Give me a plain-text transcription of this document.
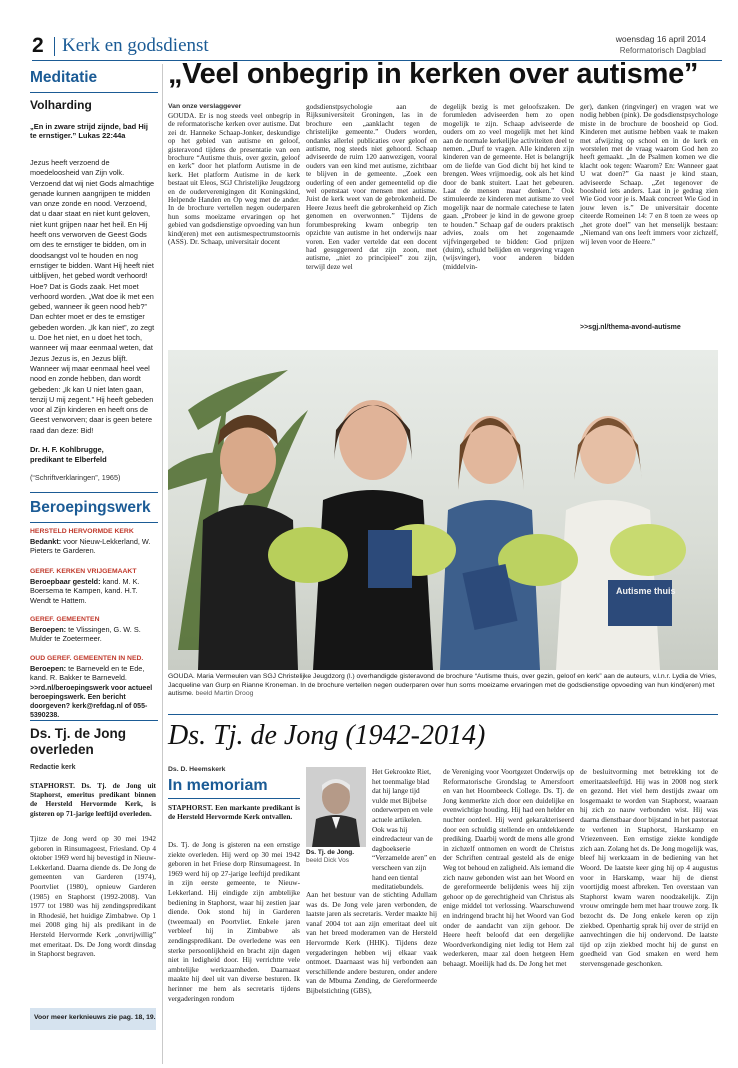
2 Kerk en godsdienst	woensdag 16 april 2014
Reformatorisch Dagblad
Meditatie
Volharding
„En in zware strijd zijnde, bad Hij te ernstiger.” Lukas 22:44a
Jezus heeft verzoend de moedeloosheid van Zijn volk. Verzoend dat wij niet Gods almachtige genade kunnen aangrijpen te midden van onze zonde en nood. Verzoend, dat u daar staat en niet kunt geloven, niet kunt grijpen naar het heil. En Hij heeft ons verworven de Geest Gods om des te ernstiger te bidden, om in doodsangst vol te houden en nog ernstiger te bidden. Want Hij heeft niet uitblijven, het gebed wordt verhoord! Hoe? Dat is Gods zaak. Het moet verhoord worden. „Wat doe ik met een gebed, wanneer ik geen nood heb?” Dan echter moet er des te ernstiger gebeden worden. „Ik kan niet”, zo zegt u. Doe het niet, en u doet het toch, wanneer wij maar eenmaal weten, dat Jezus Jezus is, en Jezus blijft. Wanneer wij maar eenmaal heel veel nood en zonde hebben, dan wordt gebeden: „Ik kan U niet laten gaan, tenzij U mij zegent.” Hij heeft gebeden voor al Zijn kinderen en heeft ons de Geest verworven; daar is geen betere raad dan deze: Bid!
Dr. H. F. Kohlbrugge,
predikant te Elberfeld
(“Schriftverklaringen”, 1965)
Beroepingswerk
HERSTELD HERVORMDE KERK
Bedankt: voor Nieuw-Lekkerland, W. Pieters te Garderen.
GEREF. KERKEN VRIJGEMAAKT
Beroepbaar gesteld: kand. M. K. Boersema te Kampen, kand. H.T. Wendt te Hattem.
GEREF. GEMEENTEN
Beroepen: te Vlissingen, G. W. S. Mulder te Zoetermeer.
OUD GEREF. GEMEENTEN IN NED.
Beroepen: te Barneveld en te Ede, kand. R. Bakker te Barneveld.
>>rd.nl/beroepingswerk voor actueel beroepingswerk. Een bericht doorgeven? kerk@refdag.nl of 055-5390238.
Ds. Tj. de Jong overleden
Redactie kerk
STAPHORST. Ds. Tj. de Jong uit Staphorst, emeritus predikant binnen de Hersteld Hervormde Kerk, is gisteren op 71-jarige leeftijd overleden.
Tjitze de Jong werd op 30 mei 1942 geboren in Rinsumageest, Friesland. Op 4 oktober 1969 werd hij bevestigd in Nieuw-Lekkerland. Daarna diende ds. De Jong de gemeenten van Garderen (1974), Poortvliet (1980), opnieuw Garderen (1985) en Staphorst (1992-2008). Van 1977 tot 1980 was hij zendingspredikant in Rhodesië, het huidige Zimbabwe. Op 1 mei 2008 ging hij als predikant in de Hersteld Hervormde Kerk „onvrijwillig” met emeritaat. Ds. De Jong wordt dinsdag in Staphorst begraven.
Voor meer kerknieuws zie pag. 18, 19.
„Veel onbegrip in kerken over autisme”
Van onze verslaggever
GOUDA. Er is nog steeds veel onbegrip in de reformatorische kerken over autisme. Dat zei dr. Hanneke Schaap-Jonker, deskundige op het gebied van autisme en geloof, gisteravond tijdens de presentatie van een brochure “Autisme thuis, over gezin, geloof en kerk” door het platform Autisme in de kerk. Het platform Autisme in de kerk bestaat uit Eleos, SGJ Christelijke Jeugdzorg en de ouderverenigingen dit Koningskind, Helpende Handen en Op weg met de ander. In de brochure vertellen negen ouderparen hun soms moeizame ervaringen op het gebied van godsdienstige opvoeding van hun kind(eren) met een autismespectrumstoornis (ASS). Dr. Schaap, universitair docent
godsdienstpsychologie aan de Rijksuniversiteit Groningen, las in de brochure een „aanklacht tegen de christelijke gemeente.” Ouders worden, ondanks allerlei publicaties over geloof en autisme, nog steeds niet gehoord. Schaap adviseerde de ruim 120 aanwezigen, vooral ouders van een kind met autisme, zichtbaar te blijven in de gemeente. „Zoek een ouderling of een ander gemeentelid op die wel openstaat voor mensen met autisme. Juist de kerk weet van de gebrokenheid. De Heere Jezus heeft die gebrokenheid op Zich genomen en overwonnen.” Tijdens de forumbespreking kwam onbegrip ten opzichte van autisme in het onderwijs naar voren. Een vader vertelde dat een docent had gesuggereerd dat zijn zoon, met autisme, „niet zo principieel” zou zijn, terwijl deze wel
degelijk bezig is met geloofszaken. De forumleden adviseerden hem zo open mogelijk te zijn. Schaap adviseerde de ouders om zo veel mogelijk met het kind aan de normale kerkelijke activiteiten deel te nemen. „Durf te vragen. Alle kinderen zijn kinderen van de gemeente. Het is belangrijk om de liefde van God dicht bij het kind te brengen. Wees vrijmoedig, ook als het kind door de bank stuitert. Laat het gebeuren. Laat de mensen maar denken.” Ook stimuleerde ze kinderen met autisme zo veel mogelijk naar de normale catechese te laten gaan. „Probeer je kind in de gewone groep te houden.” Schaap gaf de ouders praktisch advies, zoals om het zogenaamde vijfvingergebed te bidden: God prijzen (duim), schuld belijden en vergeving vragen (wijsvinger), voor anderen bidden (middelvin-
ger), danken (ringvinger) en vragen wat we nodig hebben (pink). De godsdienstpsychologe miste in de brochure de boosheid op God. Kinderen met autisme hebben vaak te maken met afwijzing op school en in de kerk en worstelen met de vraag waarom God hen zo heeft gemaakt. „In de Psalmen komen we die klacht ook tegen: Waarom? En: Wanneer gaat U wat doen?” Ga naast je kind staan, adviseerde Schaap. „Zet tegenover de boosheid iets anders. Laat in je gedrag zien Wie God voor je is. Maak concreet Wie God in jouw leven is.” De universitair docente citeerde Romeinen 14: 7 en 8 toen ze wees op „het grote doel” van het menselijk bestaan: „Niemand van ons leeft immers voor zichzelf, wij leven voor de Heere.”
>>sgj.nl/thema-avond-autisme
Autisme thuis
GOUDA. Maria Vermeulen van SGJ Christelijke Jeugdzorg (l.) overhandigde gisteravond de brochure “Autisme thuis, over gezin, geloof en kerk” aan de auteurs, v.l.n.r. Lydia de Vries, Jacqueline van Gurp en Rianne Kroneman. In de brochure vertellen negen ouderparen over hun soms moeizame ervaringen met de godsdienstige opvoeding van hun kind(eren) met autisme. beeld Martin Droog
Ds. Tj. de Jong (1942-2014)
Ds. D. Heemskerk
In memoriam
STAPHORST. Een markante predikant is de Hersteld Hervormde Kerk ontvallen.
Ds. Tj. de Jong is gisteren na een ernstige ziekte overleden. Hij werd op 30 mei 1942 geboren in het Friese dorp Rinsumageest. In 1969 werd hij op 27-jarige leeftijd predikant in zijn eerste gemeente, te Nieuw-Lekkerland. Hij eindigde zijn ambtelijke bediening in Staphorst, waar hij zestien jaar diende. Ook stond hij in Garderen (tweemaal) en Poortvliet. Enkele jaren verbleef hij in Zimbabwe als zendingspredikant. De overledene was een sterke persoonlijkheid en bracht zijn dagen niet in ledigheid door. Hij verrichtte vele ambtelijke werkzaamheden. Daarnaast maakte hij deel uit van diverse besturen. Ik herinner me hem als secretaris tijdens vergaderingen rondom
Ds. Tj. de Jong.
beeld Dick Vos
Het Gekrookte Riet, het toenmalige blad dat hij lange tijd vulde met Bijbelse onderwerpen en vele actuele artikelen. Ook was hij eindredacteur van de dagboekserie “Verzamelde aren” en verscheen van zijn hand een tiental meditatiebundels.
Aan het bestuur van de stichting Adullam was ds. De Jong vele jaren verbonden, de laatste jaren als secretaris. Verder maakte hij vanaf 2004 tot aan zijn emeritaat deel uit van het breed moderamen van de Hersteld Hervormde Kerk (HHK). Tijdens deze vergaderingen hebben wij elkaar vaak ontmoet. Daarnaast was hij verbonden aan verschillende andere besturen, onder andere van de Mbuma Zending, de Gereformeerde Bijbelstichting (GBS),
de Vereniging voor Voortgezet Onderwijs op Reformatorische Grondslag te Amersfoort en van het Hoornbeeck College. Ds. Tj. de Jong kenmerkte zich door een duidelijke en evenwichtige houding. Hij had een helder en nuchter oordeel. Hij werd gekarakteriseerd door een schuldig stellende en ontdekkende prediking. Daarbij wordt de mens alle grond in zichzelf ontnomen en wordt de Christus der Schriften centraal gesteld als de enige Weg tot behoud en zaligheid. Als iemand die zich nauw gebonden wist aan het Woord en de gereformeerde belijdenis wees hij zijn gehoor op de gerechtigheid van Christus als enige middel tot verlossing. Waarschuwend en indringend bracht hij het Woord van God onder de aandacht van zijn gehoor. De Heere heeft beloofd dat een dergelijke Woordverkondiging niet ledig tot Hem zal wederkeren, maar zal doen hetgeen Hem behaagt. Moeilijk had ds. De Jong het met
de besluitvorming met betrekking tot de emeritaatsleeftijd. Hij was in 2008 nog sterk en gezond. Het viel hem destijds zwaar om losgemaakt te worden van Staphorst, waaraan hij zich zo nauw verbonden wist. Hij was daarna dienstbaar door bijstand in het pastoraat te verlenen in Staphorst, Harskamp en Vriezenveen. Een ernstige ziekte kondigde zich aan. Zolang het ds. De Jong mogelijk was, bleef hij werkzaam in de bediening van het Woord. De laatste keer ging hij op 4 augustus voor in Harskamp, waar hij de dienst voortijdig moest afbreken. Ten overstaan van Staphorst kwam waren noodzakelijk. Zijn vrouw omringde hem met haar trouwe zorg. Ik bezocht ds. De Jong enkele keren op zijn ziekbed. Openhartig sprak hij over de strijd en aanvechtingen die hij ondervond. De laatste tijd op zijn ziekbed mocht hij de gunst en goedheid van God smaken en werd hem stervensgenade geschonken.
